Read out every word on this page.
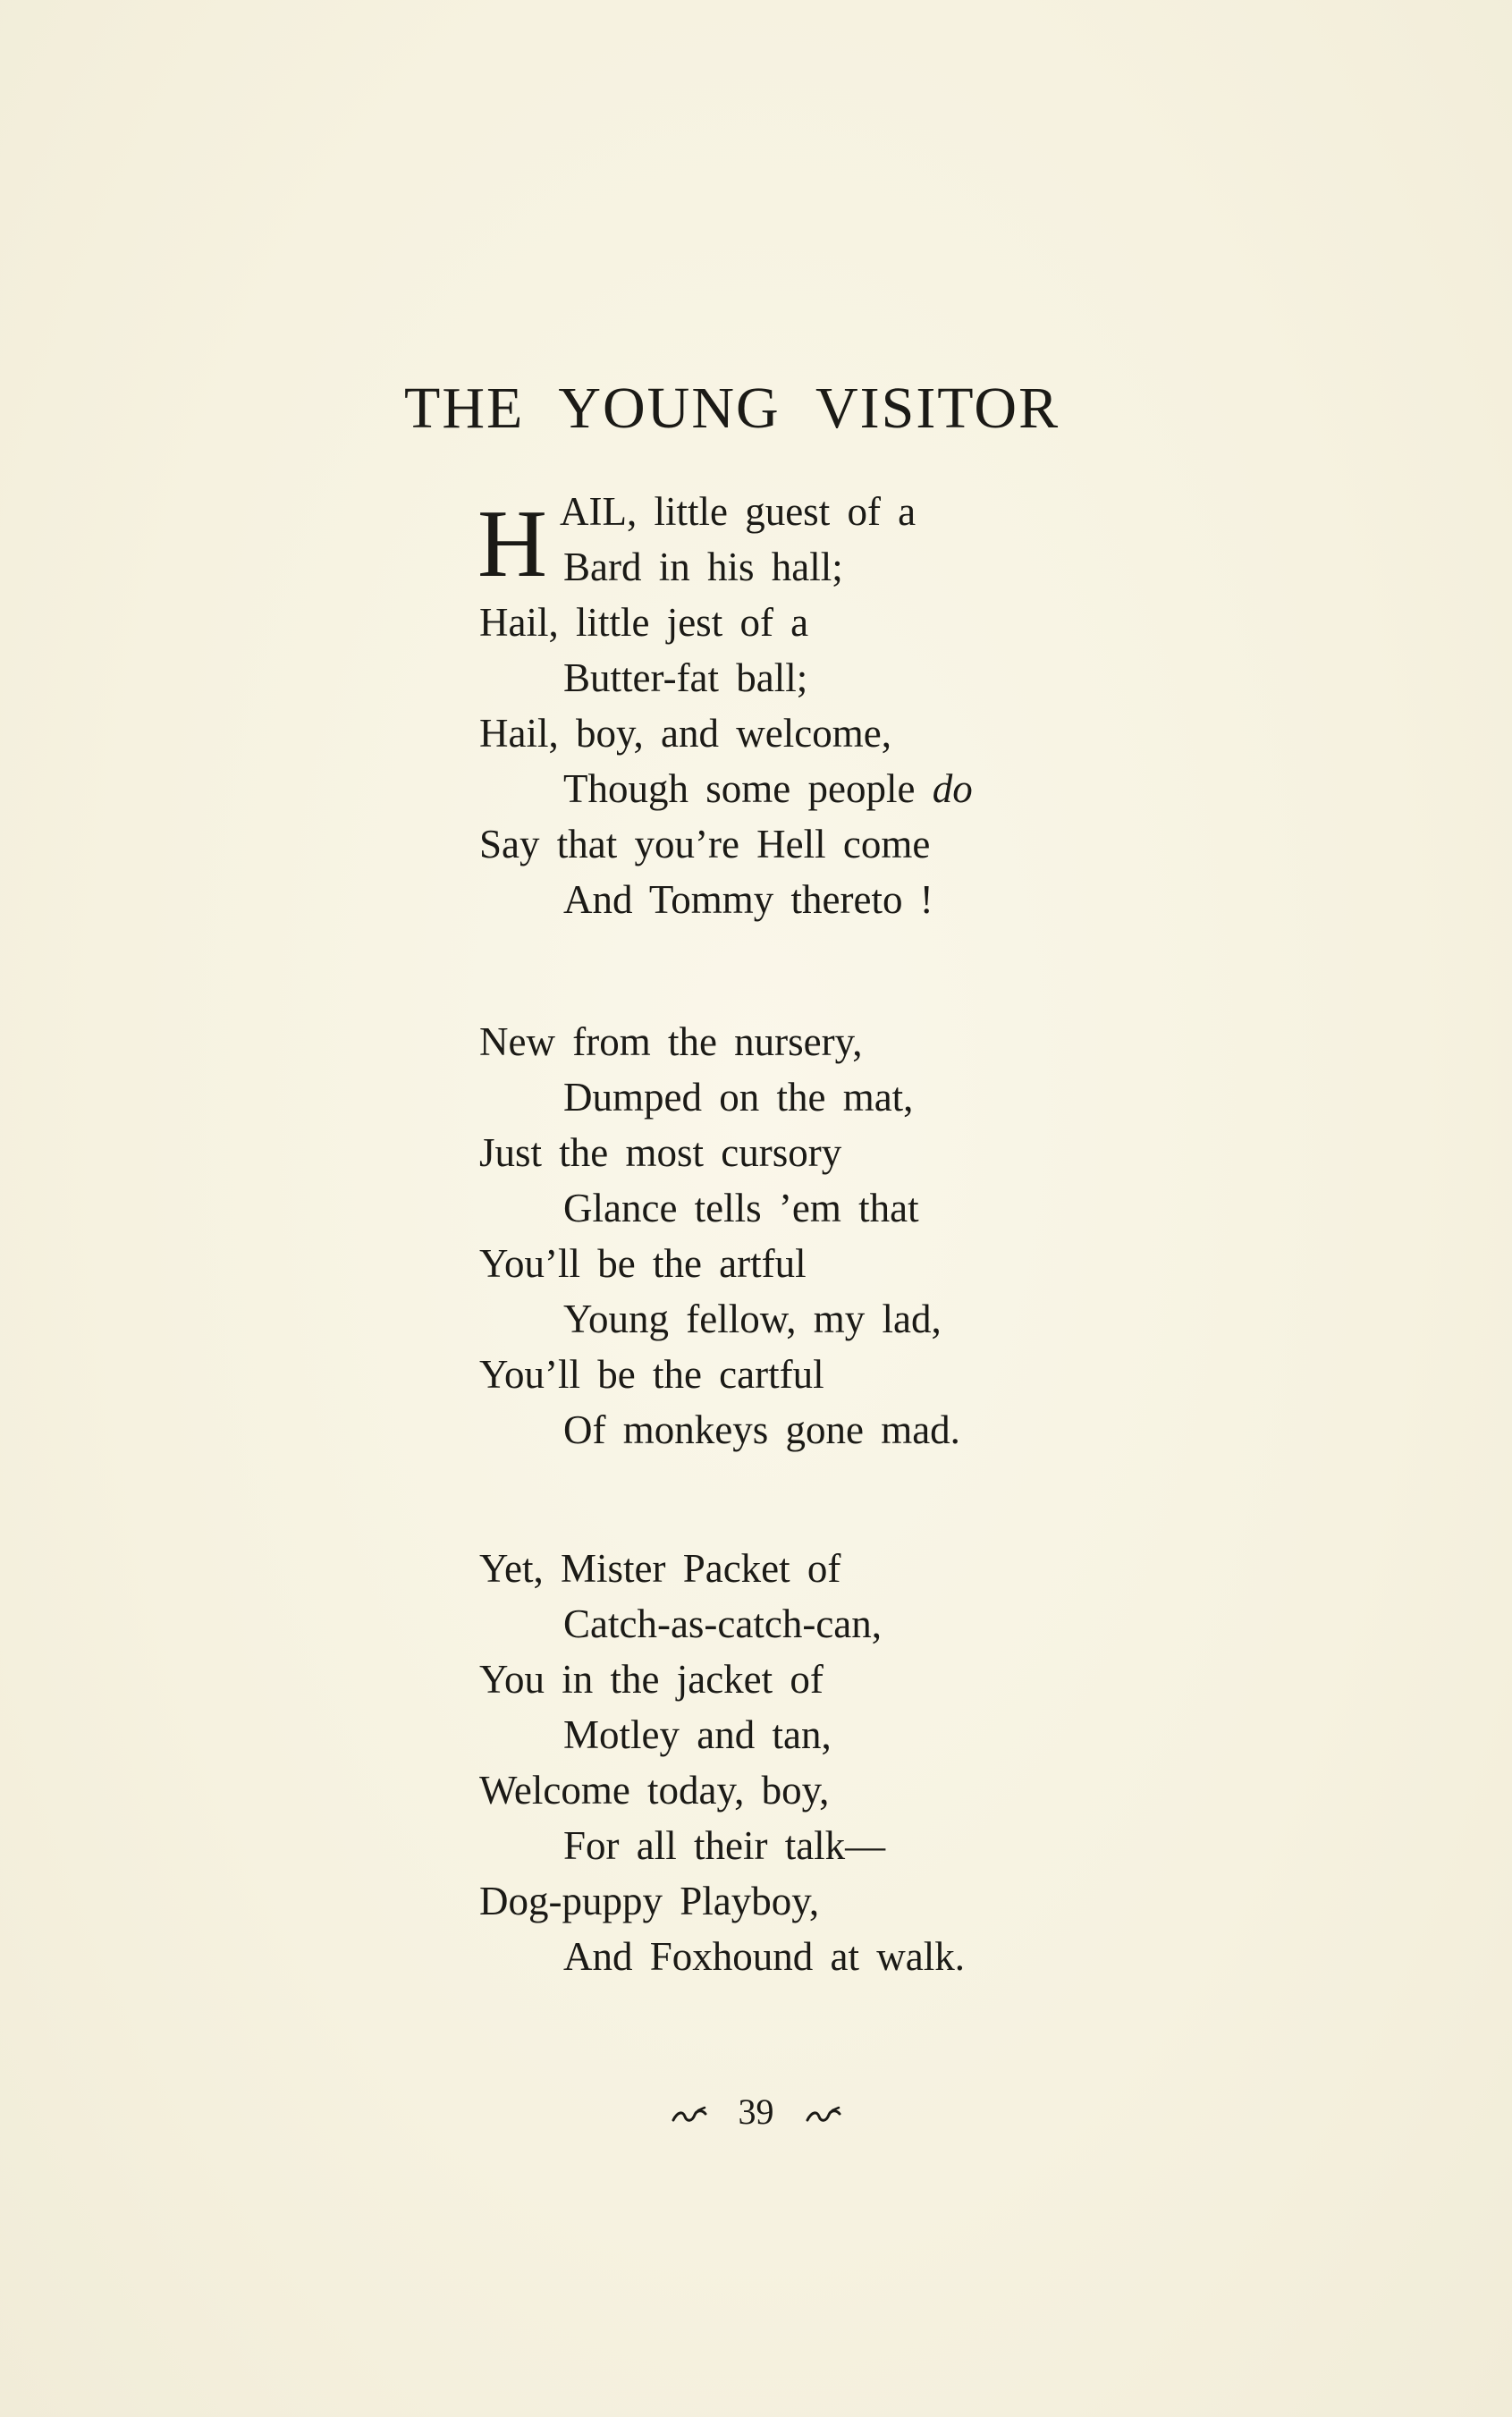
THE YOUNG VISITOR
H AIL, little guest of a
Bard in his hall;
Hail, little jest of a
Butter-fat ball;
Hail, boy, and welcome,
Though some people do
Say that you’re Hell come
And Tommy thereto !
New from the nursery,
Dumped on the mat,
Just the most cursory
Glance tells ’em that
You’ll be the artful
Young fellow, my lad,
You’ll be the cartful
Of monkeys gone mad.
Yet, Mister Packet of
Catch-as-catch-can,
You in the jacket of
Motley and tan,
Welcome today, boy,
For all their talk—
Dog-puppy Playboy,
And Foxhound at walk.
39
